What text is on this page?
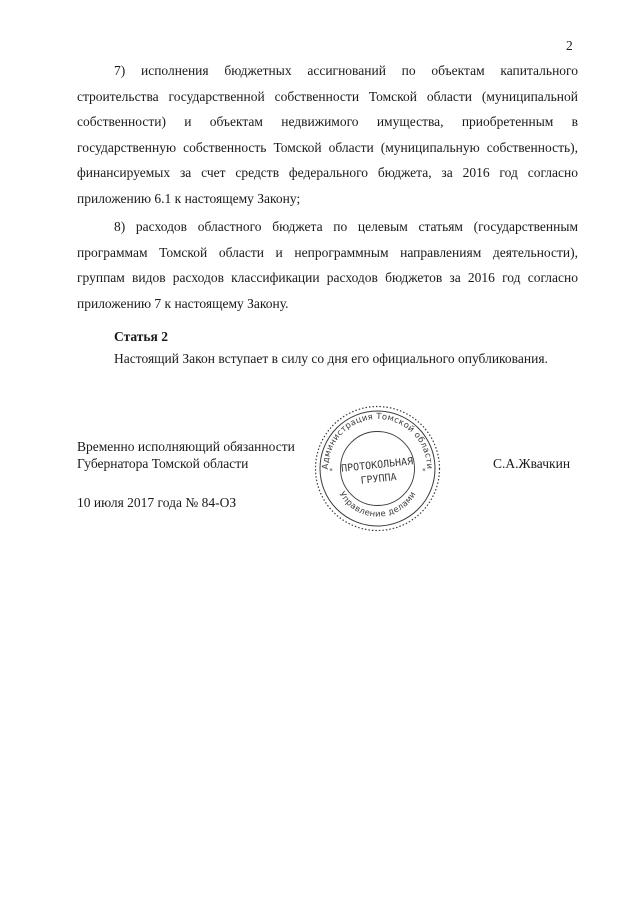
2

7) исполнения бюджетных ассигнований по объектам капитального строительства государственной собственности Томской области (муниципальной собственности) и объектам недвижимого имущества, приобретенным в государственную собственность Томской области (муниципальную собственность), финансируемых за счет средств федерального бюджета, за 2016 год согласно приложению 6.1 к настоящему Закону;

8) расходов областного бюджета по целевым статьям (государственным программам Томской области и непрограммным направлениям деятельности), группам видов расходов классификации расходов бюджетов за 2016 год согласно приложению 7 к настоящему Закону.

Статья 2
Настоящий Закон вступает в силу со дня его официального опубликования.
Временно исполняющий обязанности
Губернатора Томской области	С.А.Жвачкин
10 июля 2017 года № 84-ОЗ
Администрация Томской области
Управление делами
*	*
ПРОТОКОЛЬНАЯ
ГРУППА
